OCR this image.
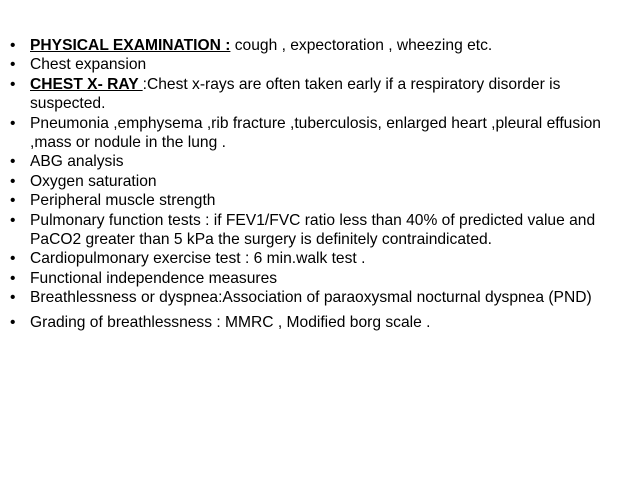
• PHYSICAL EXAMINATION : cough , expectoration , wheezing etc.
• Chest expansion
• CHEST X- RAY :Chest x-rays are often taken early if a respiratory disorder is suspected.
• Pneumonia ,emphysema ,rib fracture ,tuberculosis, enlarged heart ,pleural effusion ,mass or nodule in the lung .
• ABG analysis
• Oxygen saturation
• Peripheral muscle strength
• Pulmonary function tests : if FEV1/FVC ratio less than 40% of predicted value and PaCO2 greater than 5 kPa the surgery is definitely contraindicated.
• Cardiopulmonary exercise test : 6 min.walk test .
• Functional independence measures
• Breathlessness or dyspnea:Association of paraoxysmal nocturnal dyspnea (PND)
• Grading of breathlessness : MMRC , Modified borg scale .
